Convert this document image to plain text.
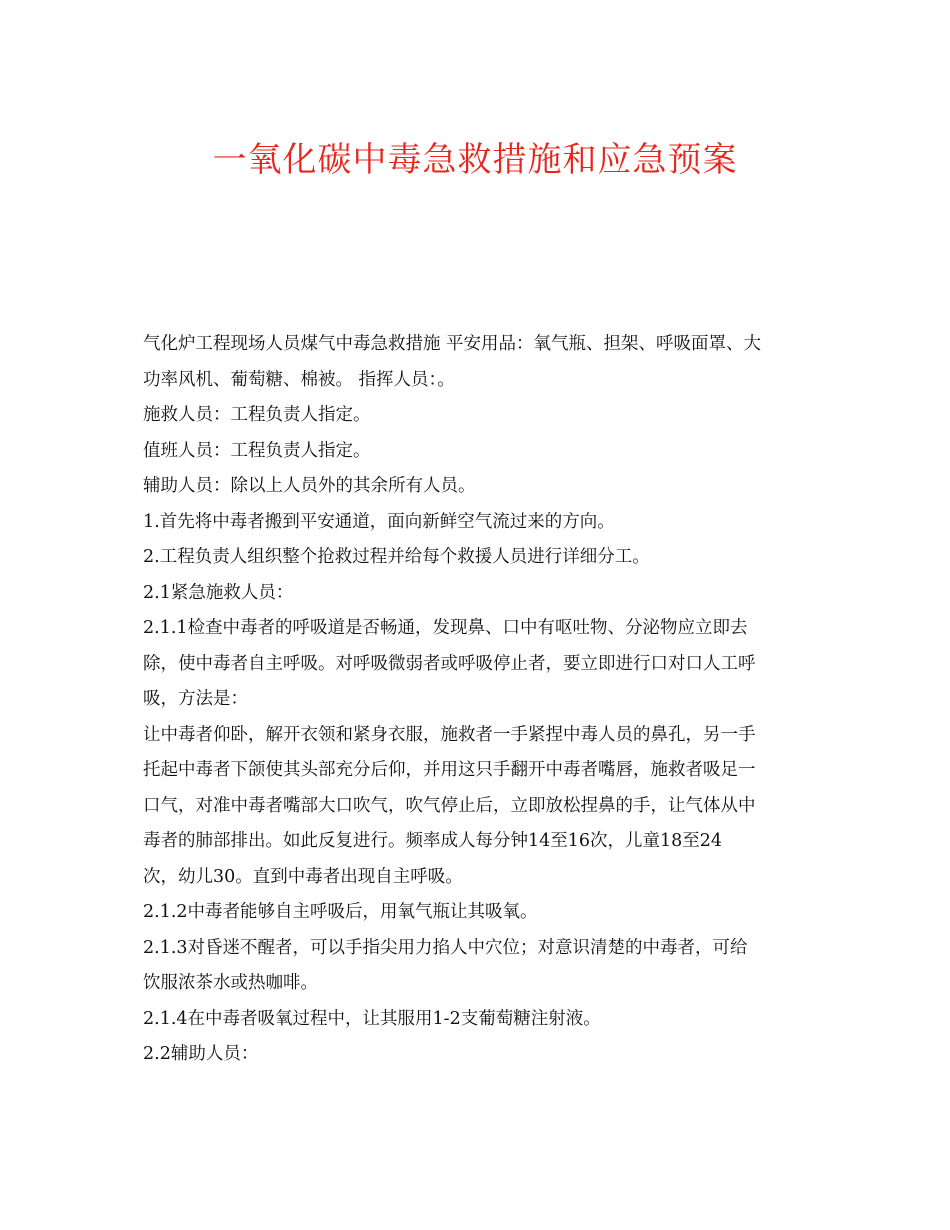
一氧化碳中毒急救措施和应急预案

气化炉工程现场人员煤气中毒急救措施 平安用品：氧气瓶、担架、呼吸面罩、大

功率风机、葡萄糖、棉被。 指挥人员：。

施救人员：工程负责人指定。

值班人员：工程负责人指定。

辅助人员：除以上人员外的其余所有人员。

1.首先将中毒者搬到平安通道，面向新鲜空气流过来的方向。

2.工程负责人组织整个抢救过程并给每个救援人员进行详细分工。

2.1紧急施救人员：

2.1.1检查中毒者的呼吸道是否畅通，发现鼻、口中有呕吐物、分泌物应立即去

除，使中毒者自主呼吸。对呼吸微弱者或呼吸停止者，要立即进行口对口人工呼

吸，方法是：

让中毒者仰卧，解开衣领和紧身衣服，施救者一手紧捏中毒人员的鼻孔，另一手

托起中毒者下颌使其头部充分后仰，并用这只手翻开中毒者嘴唇，施救者吸足一

口气，对准中毒者嘴部大口吹气，吹气停止后，立即放松捏鼻的手，让气体从中

毒者的肺部排出。如此反复进行。频率成人每分钟14至16次，儿童18至24

次，幼儿30。直到中毒者出现自主呼吸。

2.1.2中毒者能够自主呼吸后，用氧气瓶让其吸氧。

2.1.3对昏迷不醒者，可以手指尖用力掐人中穴位；对意识清楚的中毒者，可给

饮服浓茶水或热咖啡。

2.1.4在中毒者吸氧过程中，让其服用1-2支葡萄糖注射液。

2.2辅助人员：
